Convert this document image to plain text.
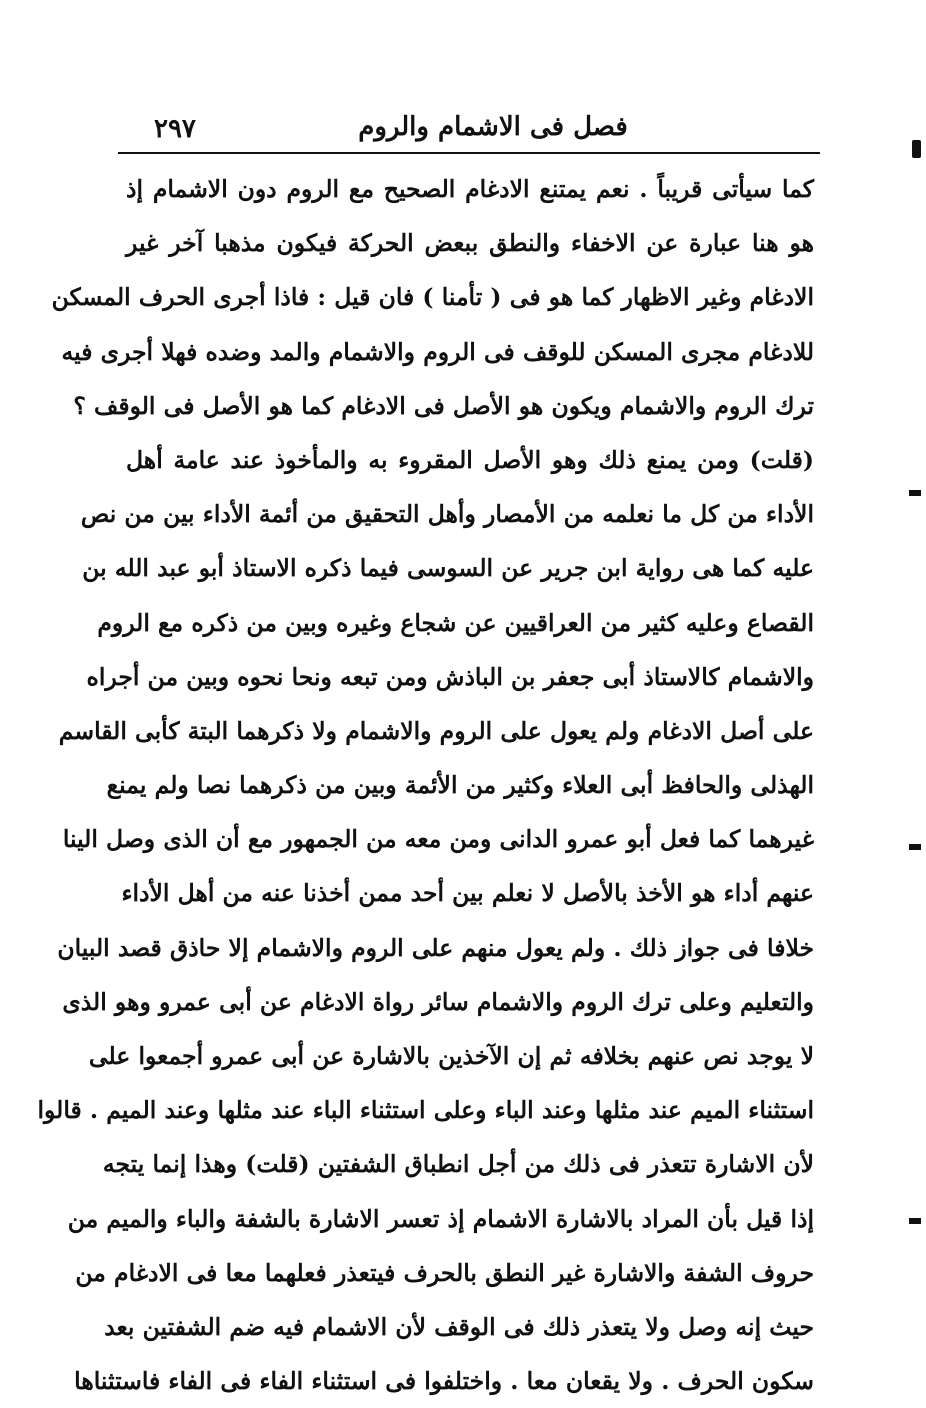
٢٩٧	فصل فى الاشمام والروم
كما سيأتى قريباً . نعم يمتنع الادغام الصحيح مع الروم دون الاشمام إذ
هو هنا عبارة عن الاخفاء والنطق ببعض الحركة فيكون مذهبا آخر غير
الادغام وغير الاظهار كما هو فى ( تأمنا ) فان قيل : فاذا أجرى الحرف المسكن
للادغام مجرى المسكن للوقف فى الروم والاشمام والمد وضده فهلا أجرى فيه
ترك الروم والاشمام ويكون هو الأصل فى الادغام كما هو الأصل فى الوقف ؟
(قلت) ومن يمنع ذلك وهو الأصل المقروء به والمأخوذ عند عامة أهل
الأداء من كل ما نعلمه من الأمصار وأهل التحقيق من أئمة الأداء بين من نص
عليه كما هى رواية ابن جرير عن السوسى فيما ذكره الاستاذ أبو عبد الله بن
القصاع وعليه كثير من العراقيين عن شجاع وغيره وبين من ذكره مع الروم
والاشمام كالاستاذ أبى جعفر بن الباذش ومن تبعه ونحا نحوه وبين من أجراه
على أصل الادغام ولم يعول على الروم والاشمام ولا ذكرهما البتة كأبى القاسم
الهذلى والحافظ أبى العلاء وكثير من الأئمة وبين من ذكرهما نصا ولم يمنع
غيرهما كما فعل أبو عمرو الدانى ومن معه من الجمهور مع أن الذى وصل الينا
عنهم أداء هو الأخذ بالأصل لا نعلم بين أحد ممن أخذنا عنه من أهل الأداء
خلافا فى جواز ذلك . ولم يعول منهم على الروم والاشمام إلا حاذق قصد البيان
والتعليم وعلى ترك الروم والاشمام سائر رواة الادغام عن أبى عمرو وهو الذى
لا يوجد نص عنهم بخلافه ثم إن الآخذين بالاشارة عن أبى عمرو أجمعوا على
استثناء الميم عند مثلها وعند الباء وعلى استثناء الباء عند مثلها وعند الميم . قالوا
لأن الاشارة تتعذر فى ذلك من أجل انطباق الشفتين (قلت) وهذا إنما يتجه
إذا قيل بأن المراد بالاشارة الاشمام إذ تعسر الاشارة بالشفة والباء والميم من
حروف الشفة والاشارة غير النطق بالحرف فيتعذر فعلهما معا فى الادغام من
حيث إنه وصل ولا يتعذر ذلك فى الوقف لأن الاشمام فيه ضم الشفتين بعد
سكون الحرف . ولا يقعان معا . واختلفوا فى استثناء الفاء فى الفاء فاستثناها
